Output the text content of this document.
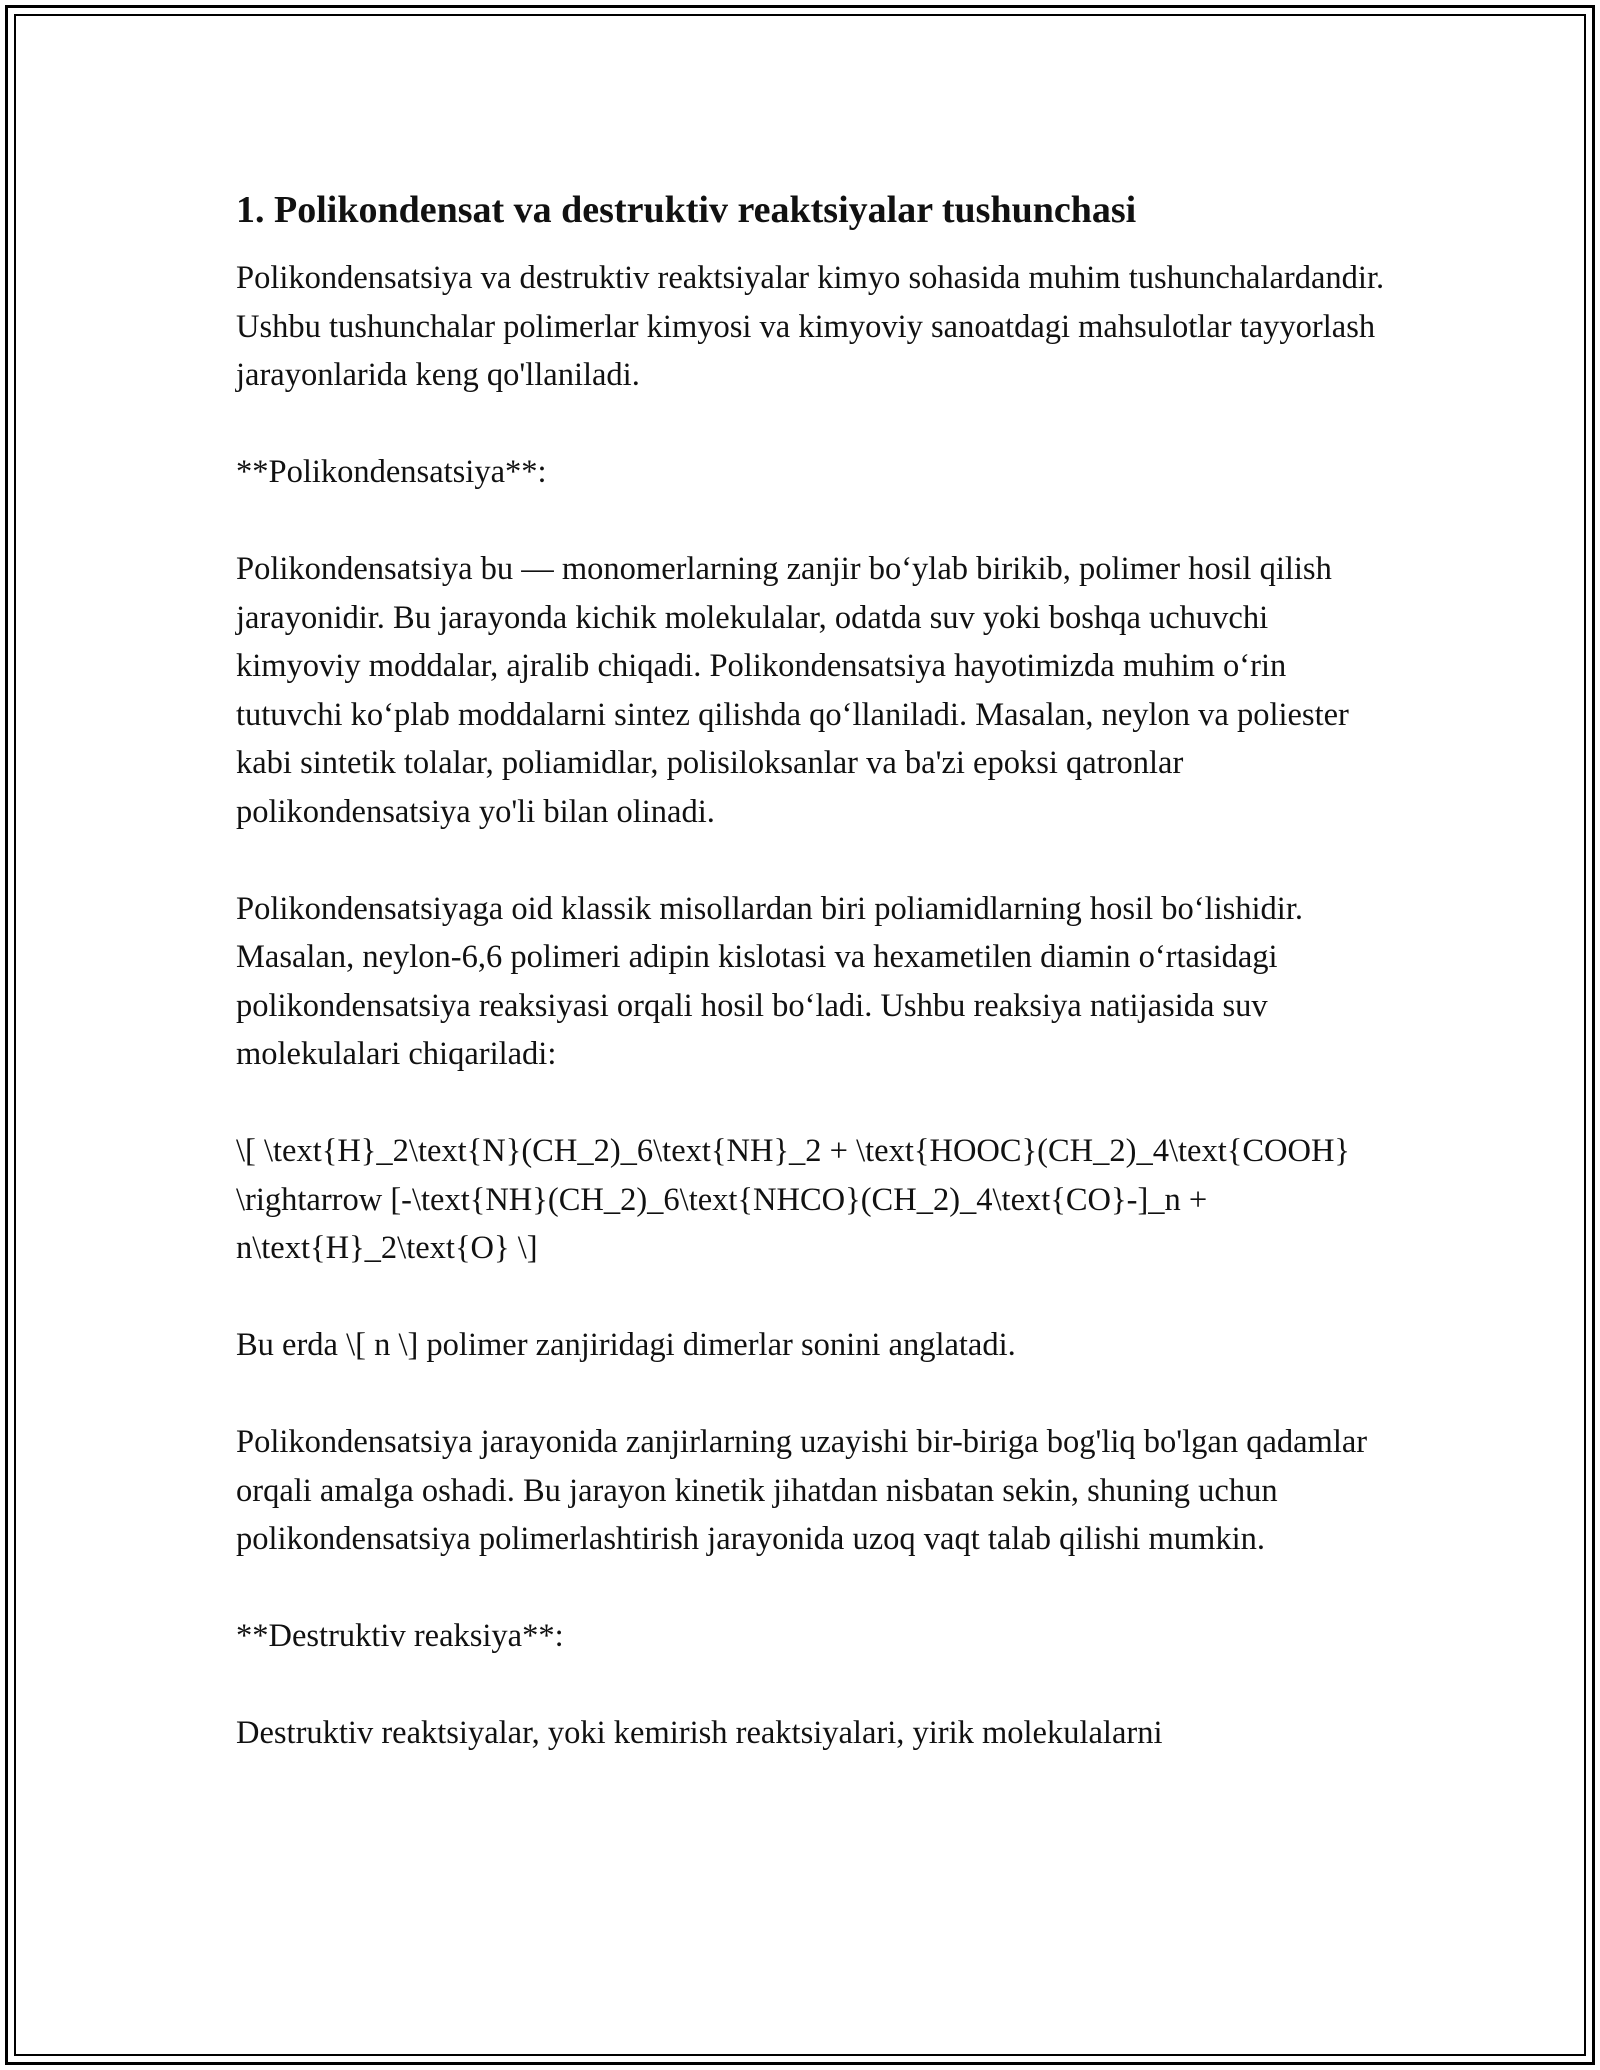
1. Polikondensat va destruktiv reaktsiyalar tushunchasi

Polikondensatsiya va destruktiv reaktsiyalar kimyo sohasida muhim tushunchalardandir. Ushbu tushunchalar polimerlar kimyosi va kimyoviy sanoatdagi mahsulotlar tayyorlash jarayonlarida keng qo'llaniladi.

**Polikondensatsiya**:

Polikondensatsiya bu — monomerlarning zanjir bo‘ylab birikib, polimer hosil qilish jarayonidir. Bu jarayonda kichik molekulalar, odatda suv yoki boshqa uchuvchi kimyoviy moddalar, ajralib chiqadi. Polikondensatsiya hayotimizda muhim o‘rin tutuvchi ko‘plab moddalarni sintez qilishda qo‘llaniladi. Masalan, neylon va poliester kabi sintetik tolalar, poliamidlar, polisiloksanlar va ba'zi epoksi qatronlar polikondensatsiya yo'li bilan olinadi.

Polikondensatsiyaga oid klassik misollardan biri poliamidlarning hosil bo‘lishidir. Masalan, neylon-6,6 polimeri adipin kislotasi va hexametilen diamin o‘rtasidagi polikondensatsiya reaksiyasi orqali hosil bo‘ladi. Ushbu reaksiya natijasida suv molekulalari chiqariladi:

\[ \text{H}_2\text{N}(CH_2)_6\text{NH}_2 + \text{HOOC}(CH_2)_4\text{COOH} \rightarrow [-\text{NH}(CH_2)_6\text{NHCO}(CH_2)_4\text{CO}-]_n + n\text{H}_2\text{O} \]

Bu erda \[ n \] polimer zanjiridagi dimerlar sonini anglatadi.

Polikondensatsiya jarayonida zanjirlarning uzayishi bir-biriga bog'liq bo'lgan qadamlar orqali amalga oshadi. Bu jarayon kinetik jihatdan nisbatan sekin, shuning uchun polikondensatsiya polimerlashtirish jarayonida uzoq vaqt talab qilishi mumkin.

**Destruktiv reaksiya**:

Destruktiv reaktsiyalar, yoki kemirish reaktsiyalari, yirik molekulalarni
